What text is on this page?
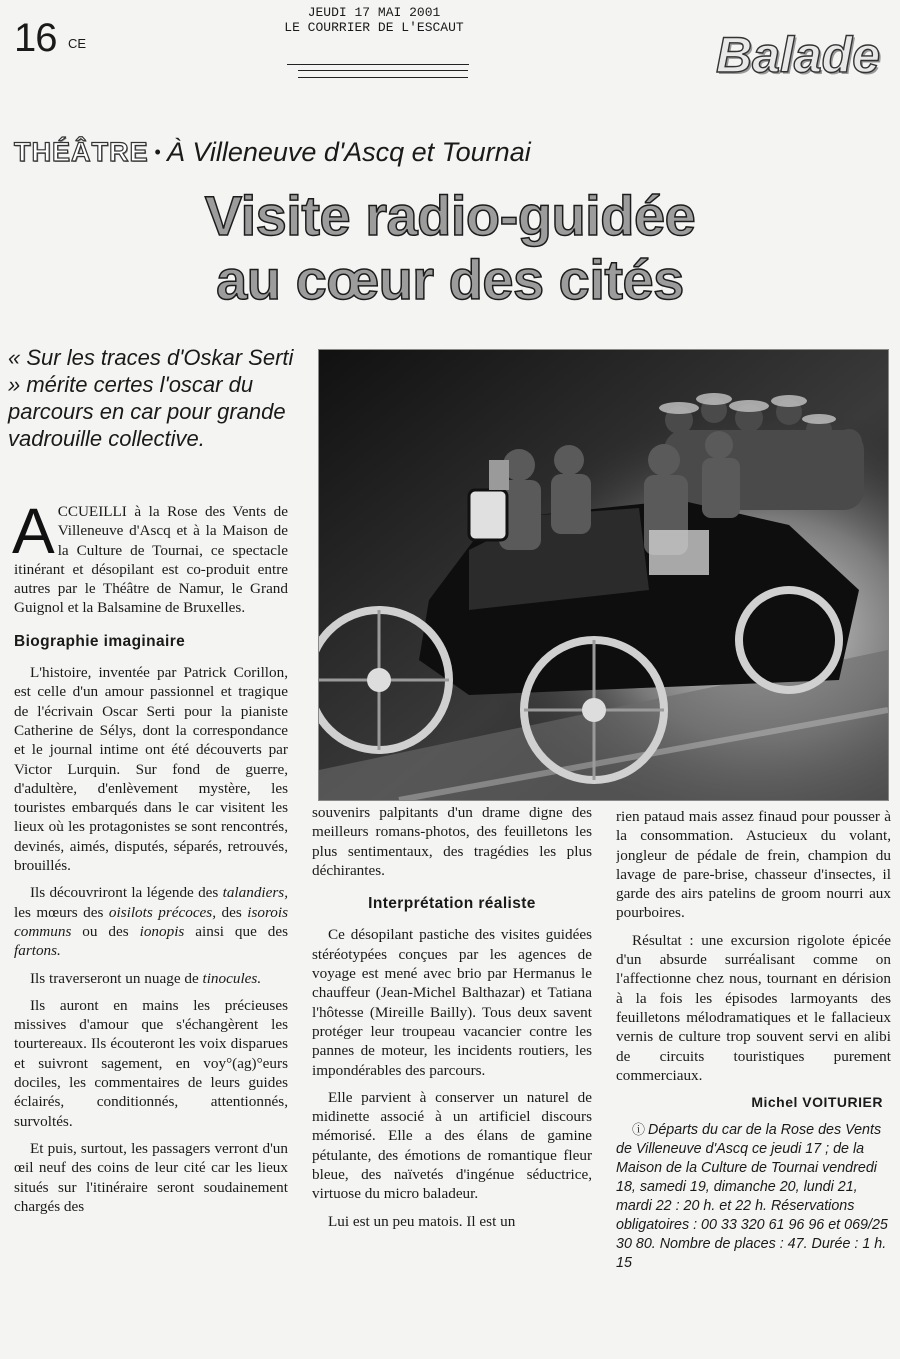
16 CE
JEUDI 17 MAI 2001
LE COURRIER DE L'ESCAUT	Balade
THÉÂTRE • À Villeneuve d'Ascq et Tournai
Visite radio-guidée
au cœur des cités
« Sur les traces d'Oskar Serti » mérite certes l'oscar du parcours en car pour grande vadrouille collective.

ACCUEILLI à la Rose des Vents de Villeneuve d'Ascq et à la Maison de la Culture de Tournai, ce spectacle itinérant et désopilant est co-produit entre autres par le Théâtre de Namur, le Grand Guignol et la Balsamine de Bruxelles.

Biographie imaginaire

L'histoire, inventée par Patrick Corillon, est celle d'un amour passionnel et tragique de l'écrivain Oscar Serti pour la pianiste Catherine de Sélys, dont la correspondance et le journal intime ont été découverts par Victor Lurquin. Sur fond de guerre, d'adultère, d'enlèvement mystère, les touristes embarqués dans le car visitent les lieux où les protagonistes se sont rencontrés, devinés, aimés, disputés, séparés, retrouvés, brouillés.

Ils découvriront la légende des talandiers, les mœurs des oisilots précoces, des isorois communs ou des ionopis ainsi que des fartons.

Ils traverseront un nuage de tinocules.

Ils auront en mains les précieuses missives d'amour que s'échangèrent les tourtereaux. Ils écouteront les voix disparues et suivront sagement, en voy°(ag)°eurs dociles, les commentaires de leurs guides éclairés, conditionnés, attentionnés, survoltés.

Et puis, surtout, les passagers verront d'un œil neuf des coins de leur cité car les lieux situés sur l'itinéraire seront soudainement chargés des

souvenirs palpitants d'un drame digne des meilleurs romans-photos, des feuilletons les plus sentimentaux, des tragédies les plus déchirantes.

Interprétation réaliste

Ce désopilant pastiche des visites guidées stéréotypées conçues par les agences de voyage est mené avec brio par Hermanus le chauffeur (Jean-Michel Balthazar) et Tatiana l'hôtesse (Mireille Bailly). Tous deux savent protéger leur troupeau vacancier contre les pannes de moteur, les incidents routiers, les impondérables des parcours.

Elle parvient à conserver un naturel de midinette associé à un artificiel discours mémorisé. Elle a des élans de gamine pétulante, des émotions de romantique fleur bleue, des naïvetés d'ingénue séductrice, virtuose du micro baladeur.

Lui est un peu matois. Il est un

rien pataud mais assez finaud pour pousser à la consommation. Astucieux du volant, jongleur de pédale de frein, champion du lavage de pare-brise, chasseur d'insectes, il garde des airs patelins de groom nourri aux pourboires.

Résultat : une excursion rigolote épicée d'un absurde surréalisant comme on l'affectionne chez nous, tournant en dérision à la fois les épisodes larmoyants des feuilletons mélodramatiques et le fallacieux vernis de culture trop souvent servi en alibi de circuits touristiques purement commerciaux.

Michel VOITURIER

ⓘ Départs du car de la Rose des Vents de Villeneuve d'Ascq ce jeudi 17 ; de la Maison de la Culture de Tournai vendredi 18, samedi 19, dimanche 20, lundi 21, mardi 22 : 20 h. et 22 h. Réservations obligatoires : 00 33 320 61 96 96 et 069/25 30 80. Nombre de places : 47. Durée : 1 h. 15
